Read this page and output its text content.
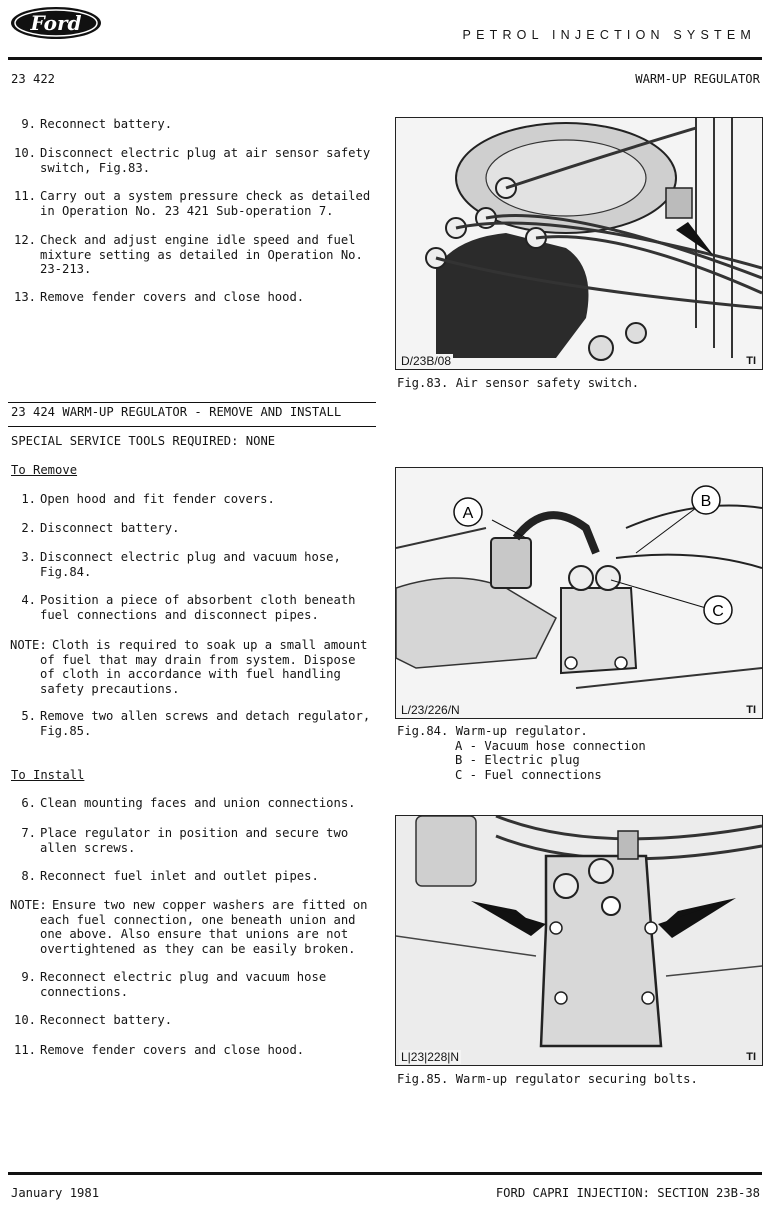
Ford	PETROL INJECTION SYSTEM
23 422	WARM-UP REGULATOR
9. Reconnect battery.
10. Disconnect electric plug at air sensor safety switch, Fig.83.
11. Carry out a system pressure check as detailed in Operation No. 23 421 Sub-operation 7.
12. Check and adjust engine idle speed and fuel mixture setting as detailed in Operation No. 23-213.
13. Remove fender covers and close hood.
23 424 WARM-UP REGULATOR - REMOVE AND INSTALL
SPECIAL SERVICE TOOLS REQUIRED: NONE
To Remove
1. Open hood and fit fender covers.
2. Disconnect battery.
3. Disconnect electric plug and vacuum hose, Fig.84.
4. Position a piece of absorbent cloth beneath fuel connections and disconnect pipes.
NOTE: Cloth is required to soak up a small amount of fuel that may drain from system. Dispose of cloth in accordance with fuel handling safety precautions.
5. Remove two allen screws and detach regulator, Fig.85.
To Install
6. Clean mounting faces and union connections.
7. Place regulator in position and secure two allen screws.
8. Reconnect fuel inlet and outlet pipes.
NOTE: Ensure two new copper washers are fitted on each fuel connection, one beneath union and one above. Also ensure that unions are not overtightened as they can be easily broken.
9. Reconnect electric plug and vacuum hose connections.
10. Reconnect battery.
11. Remove fender covers and close hood.
D/23B/08	TI
Fig.83. Air sensor safety switch.
A
B
C
L/23/226/N	TI
Fig.84. Warm-up regulator.
A - Vacuum hose connection
B - Electric plug
C - Fuel connections
L|23|228|N	TI
Fig.85. Warm-up regulator securing bolts.
January 1981	FORD CAPRI INJECTION: SECTION 23B-38
